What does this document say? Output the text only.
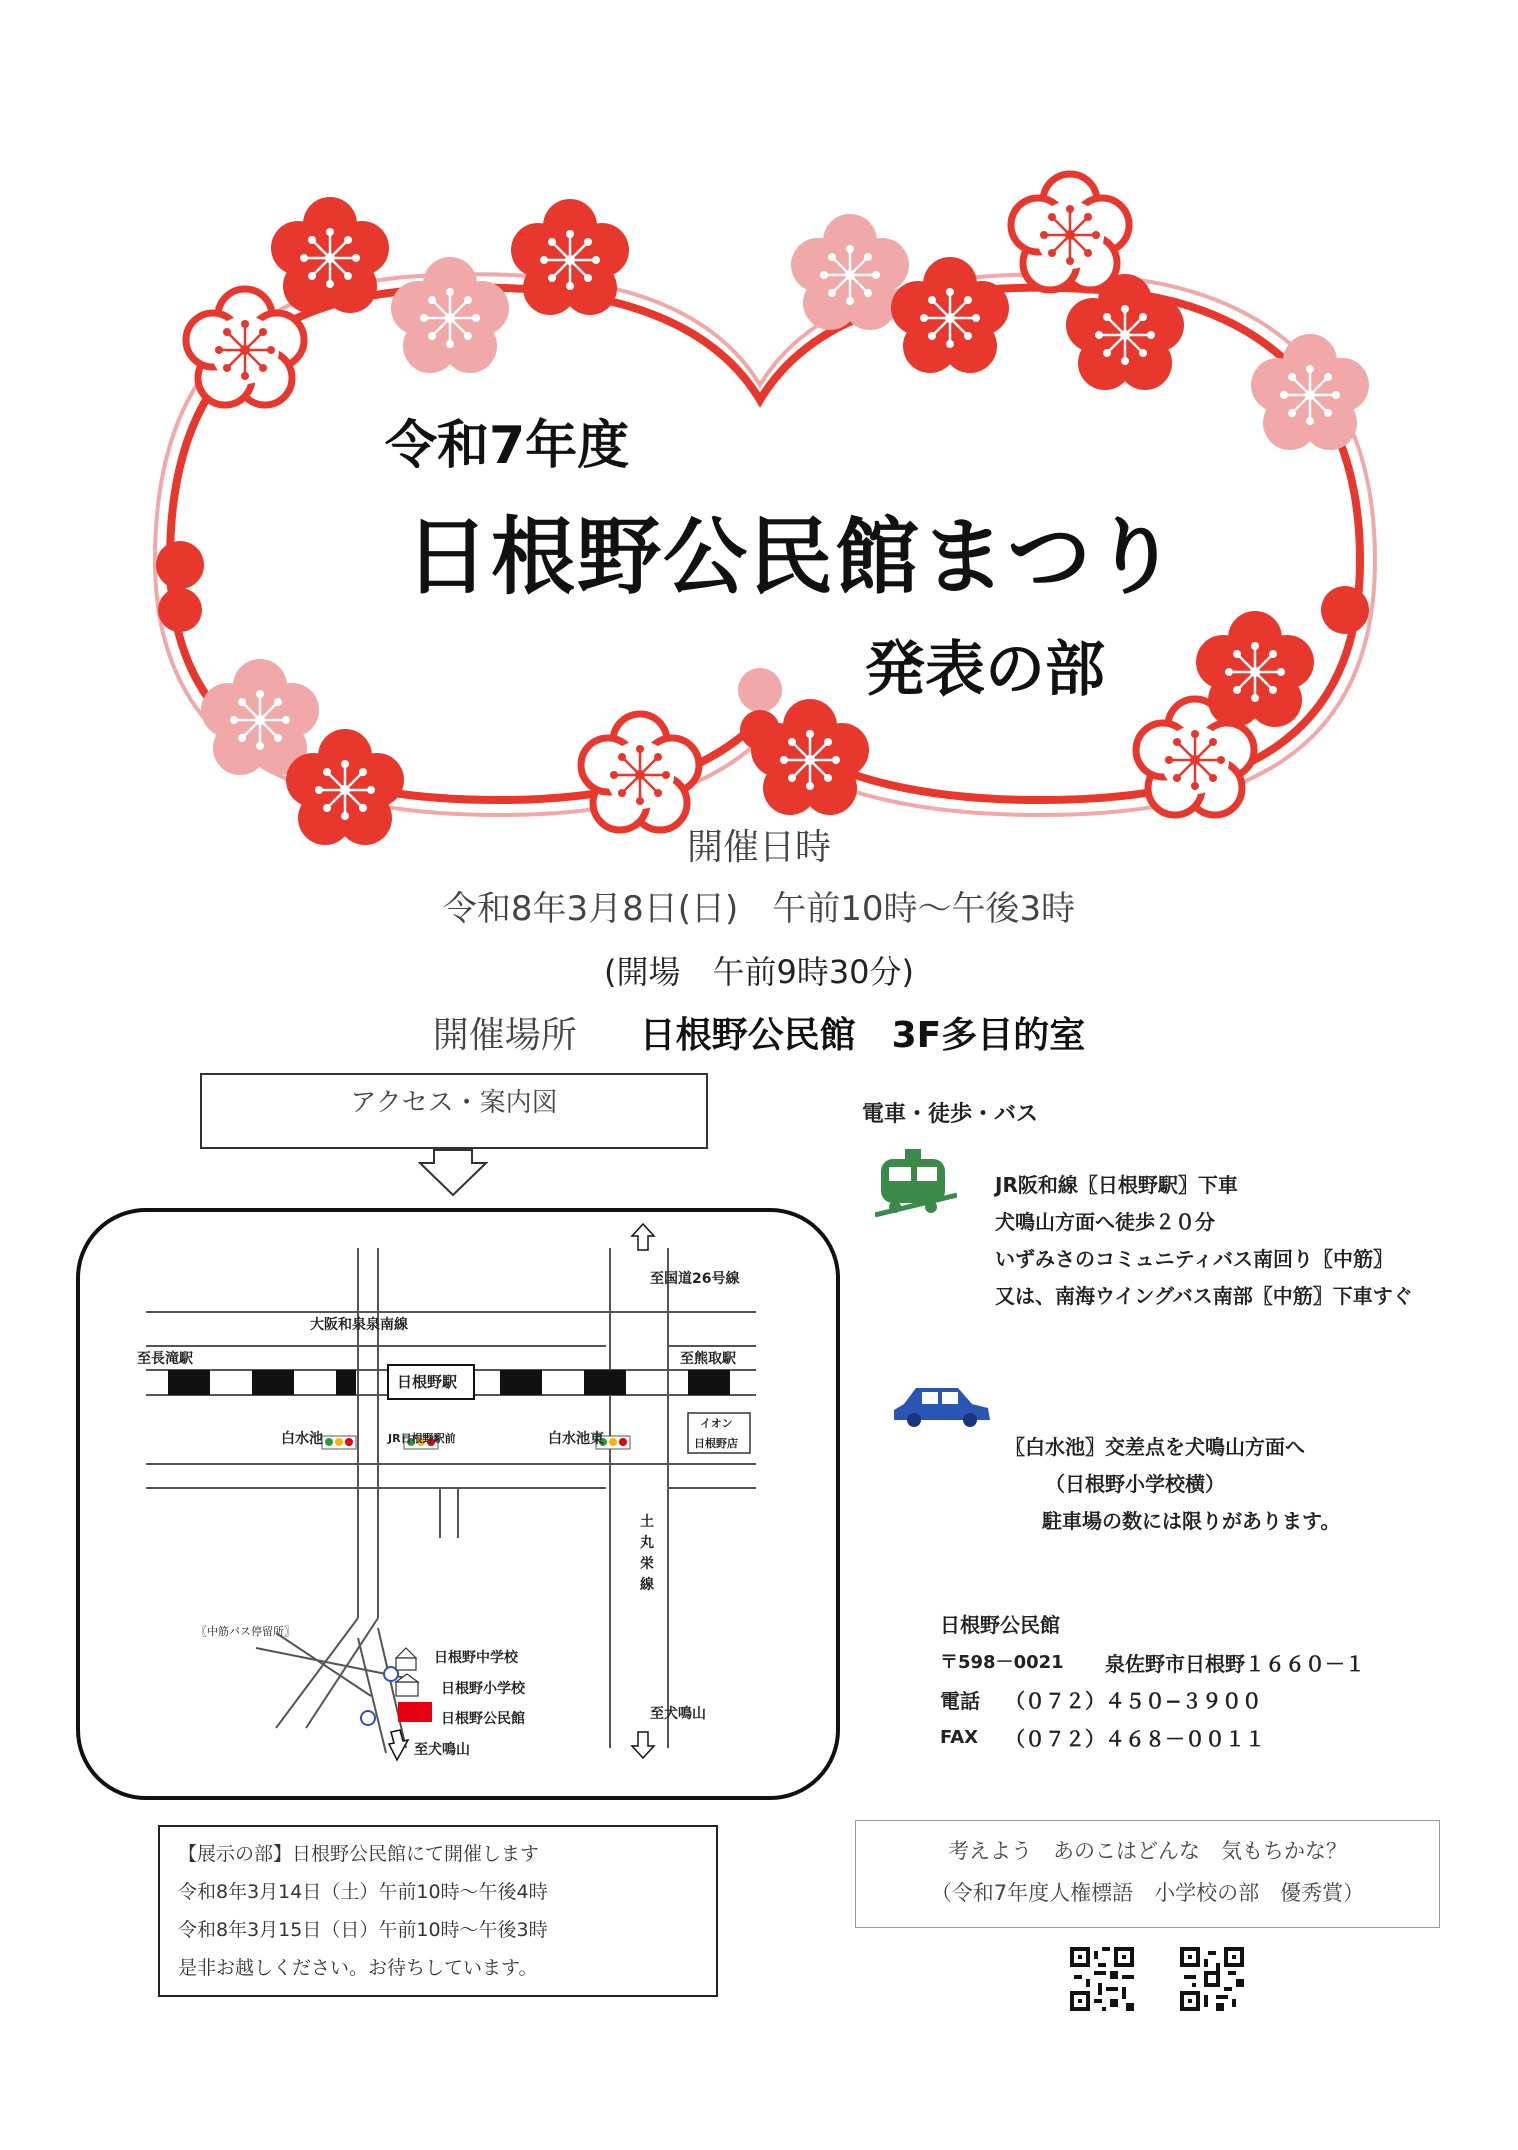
令和7年度
日根野公民館まつり
発表の部
開催日時
令和8年3月8日(日)　午前10時～午後3時
(開場　午前9時30分)
開催場所 日根野公民館　3F多目的室
アクセス・案内図
至国道26号線
大阪和泉泉南線
至長滝駅	至熊取駅
日根野駅
白水池	JR日根野駅前	白水池東
イオン
日根野店
土丸栄線
〖中筋バス停留所〗
日根野中学校
日根野小学校
日根野公民館
至犬鳴山
至犬鳴山
電車・徒歩・バス
JR阪和線〖日根野駅〗下車
犬鳴山方面へ徒歩２０分
いずみさのコミュニティバス南回り〖中筋〗
又は、南海ウイングバス南部〖中筋〗下車すぐ
〖白水池〗交差点を犬鳴山方面へ
（日根野小学校横）
駐車場の数には限りがあります。
日根野公民館
〒598－0021 泉佐野市日根野１６６０－１
電話 （０７２）４５０−３９００
FAX （０７２）４６８－００１１
【展示の部】日根野公民館にて開催します
令和8年3月14日（土）午前10時～午後4時
令和8年3月15日（日）午前10時～午後3時
是非お越しください。お待ちしています。
考えよう　あのこはどんな　気もちかな？
（令和7年度人権標語　小学校の部　優秀賞）
